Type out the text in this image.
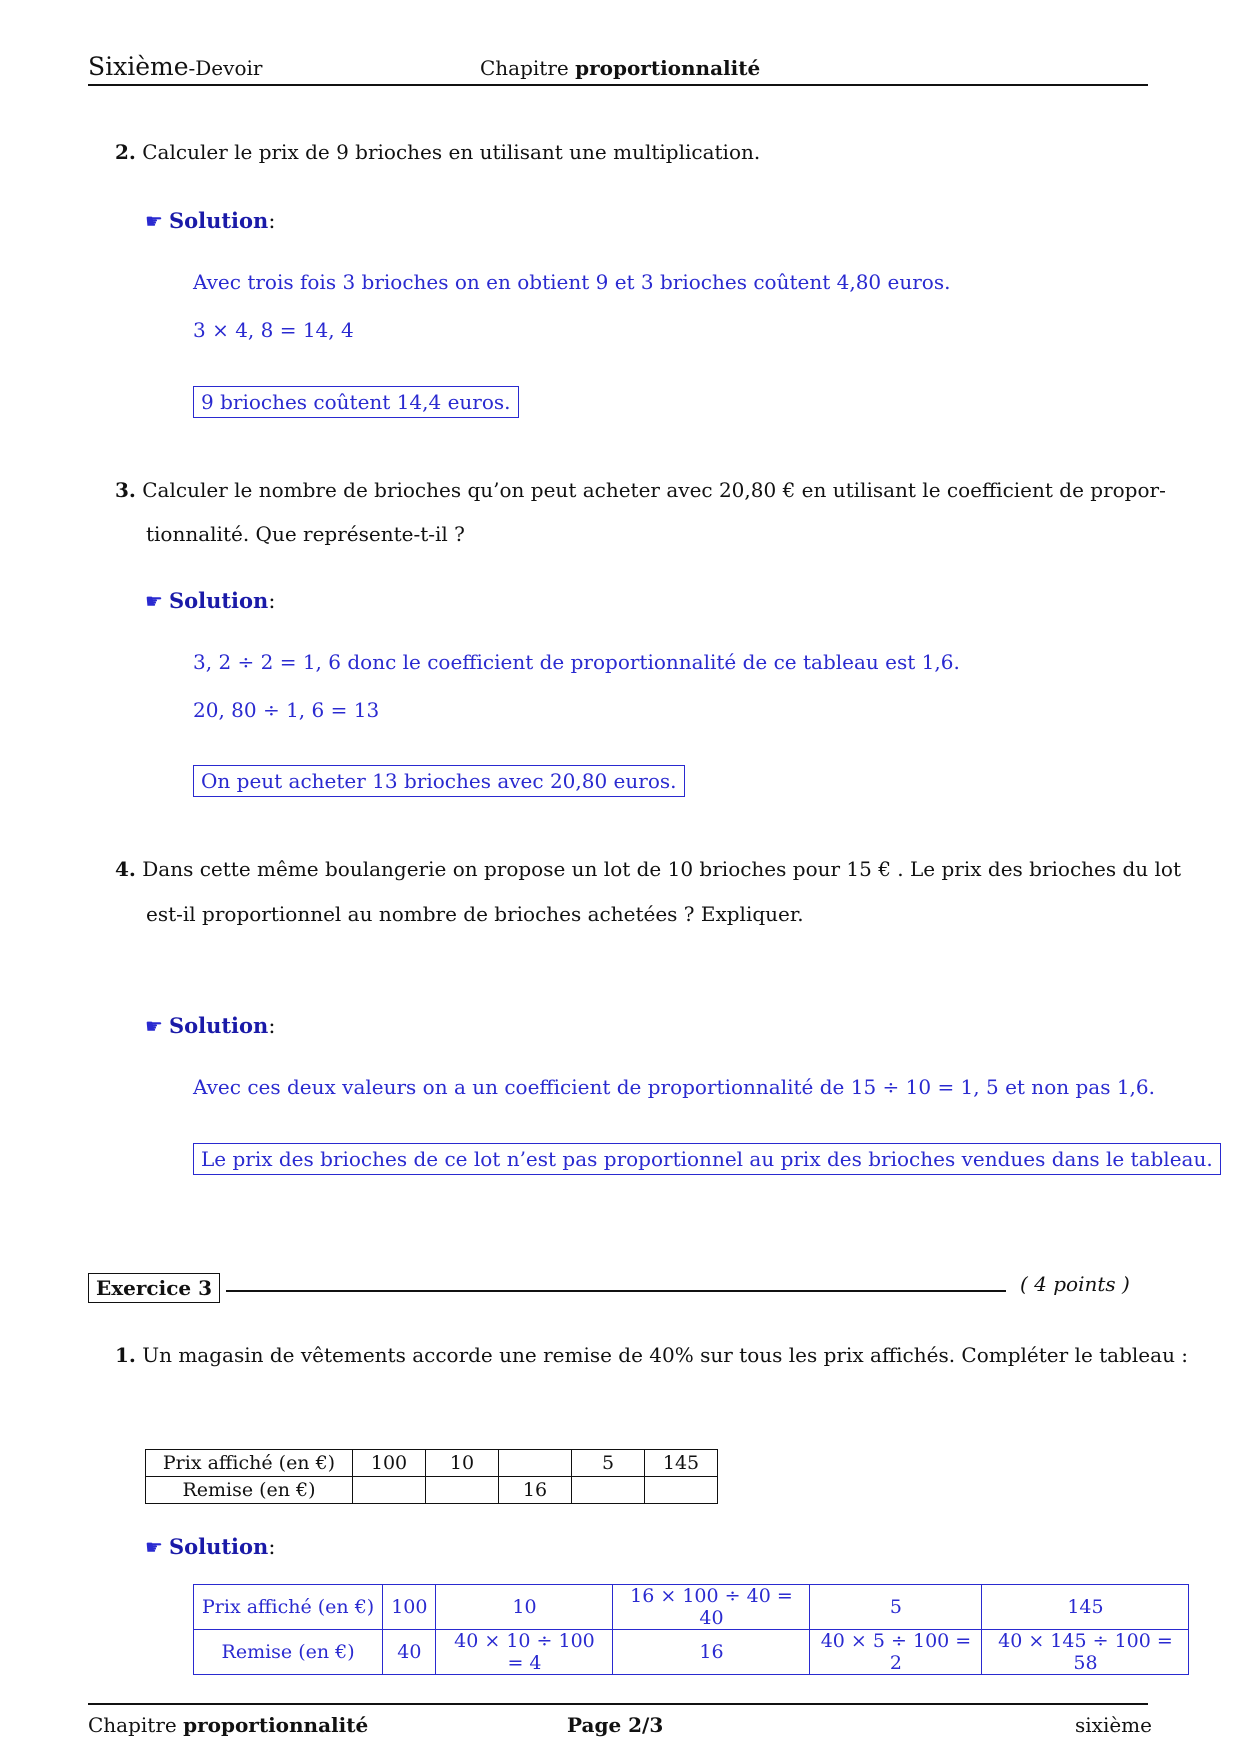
Sixième-Devoir	Chapitre proportionnalité
2. Calculer le prix de 9 brioches en utilisant une multiplication.
☛ Solution:
Avec trois fois 3 brioches on en obtient 9 et 3 brioches coûtent 4,80 euros.
3 × 4, 8 = 14, 4
9 brioches coûtent 14,4 euros.
3. Calculer le nombre de brioches qu’on peut acheter avec 20,80 € en utilisant le coefficient de propor-
tionnalité. Que représente-t-il ?
☛ Solution:
3, 2 ÷ 2 = 1, 6 donc le coefficient de proportionnalité de ce tableau est 1,6.
20, 80 ÷ 1, 6 = 13
On peut acheter 13 brioches avec 20,80 euros.
4. Dans cette même boulangerie on propose un lot de 10 brioches pour 15 € . Le prix des brioches du lot
est-il proportionnel au nombre de brioches achetées ? Expliquer.
☛ Solution:
Avec ces deux valeurs on a un coefficient de proportionnalité de 15 ÷ 10 = 1, 5 et non pas 1,6.
Le prix des brioches de ce lot n’est pas proportionnel au prix des brioches vendues dans le tableau.
Exercice 3	( 4 points )
1. Un magasin de vêtements accorde une remise de 40% sur tous les prix affichés. Compléter le tableau :
Prix affiché (en €)	100	10		5	145
Remise (en €)			16		
☛ Solution:
Prix affiché (en €)	100	10	16 × 100 ÷ 40 = 40	5	145
Remise (en €)	40	40 × 10 ÷ 100 = 4	16	40 × 5 ÷ 100 = 2	40 × 145 ÷ 100 = 58
Chapitre proportionnalité	Page 2/3	sixième
